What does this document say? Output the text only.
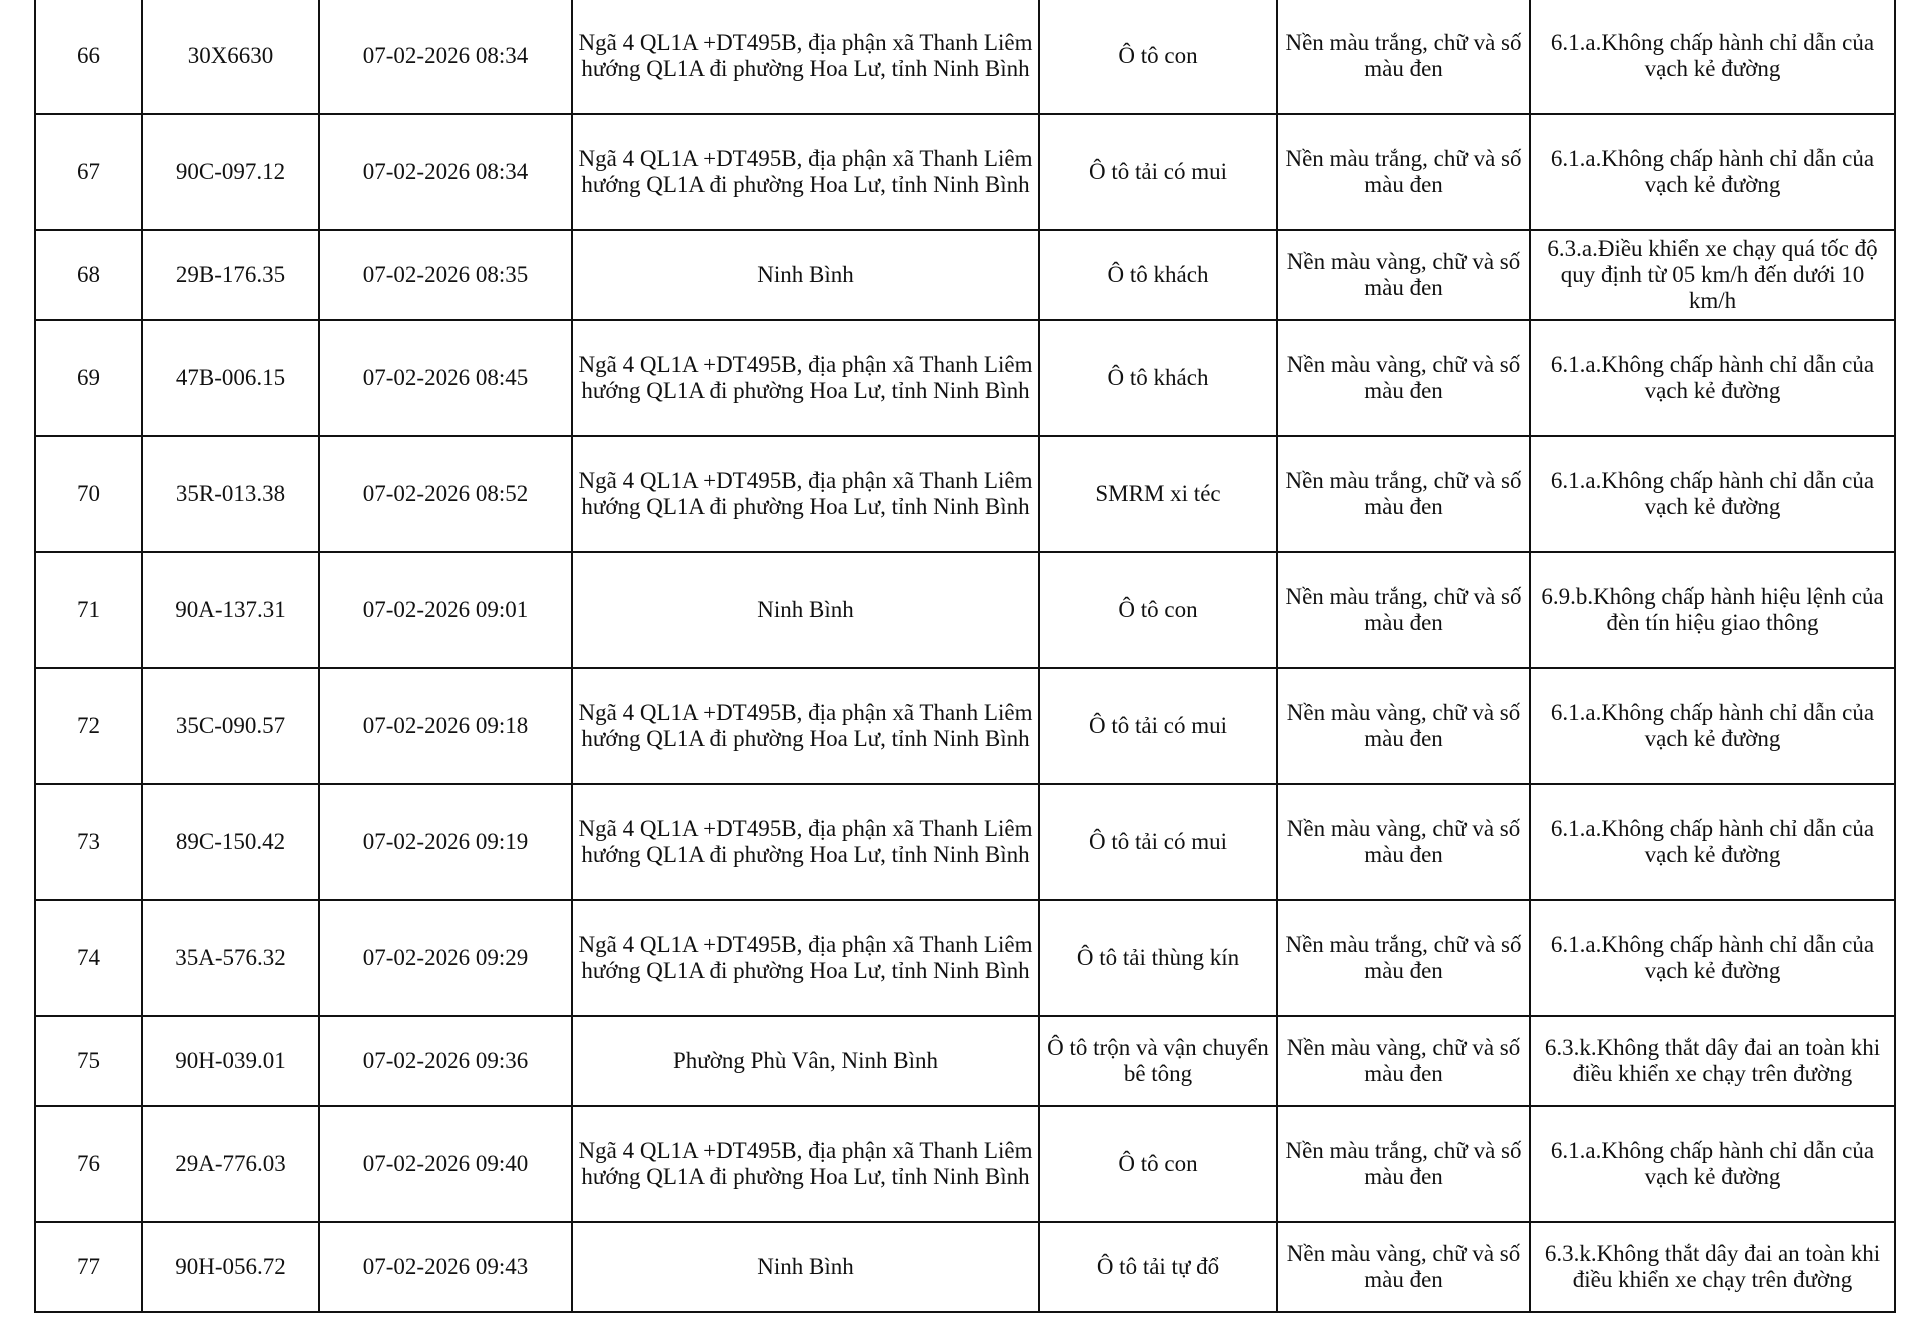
66	30X6630	07-02-2026 08:34	Ngã 4 QL1A +DT495B, địa phận xã Thanh Liêm hướng QL1A đi phường Hoa Lư, tỉnh Ninh Bình	Ô tô con	Nền màu trắng, chữ và số màu đen	6.1.a.Không chấp hành chỉ dẫn của vạch kẻ đường
67	90C-097.12	07-02-2026 08:34	Ngã 4 QL1A +DT495B, địa phận xã Thanh Liêm hướng QL1A đi phường Hoa Lư, tỉnh Ninh Bình	Ô tô tải có mui	Nền màu trắng, chữ và số màu đen	6.1.a.Không chấp hành chỉ dẫn của vạch kẻ đường
68	29B-176.35	07-02-2026 08:35	Ninh Bình	Ô tô khách	Nền màu vàng, chữ và số màu đen	6.3.a.Điều khiển xe chạy quá tốc độ quy định từ 05 km/h đến dưới 10 km/h
69	47B-006.15	07-02-2026 08:45	Ngã 4 QL1A +DT495B, địa phận xã Thanh Liêm hướng QL1A đi phường Hoa Lư, tỉnh Ninh Bình	Ô tô khách	Nền màu vàng, chữ và số màu đen	6.1.a.Không chấp hành chỉ dẫn của vạch kẻ đường
70	35R-013.38	07-02-2026 08:52	Ngã 4 QL1A +DT495B, địa phận xã Thanh Liêm hướng QL1A đi phường Hoa Lư, tỉnh Ninh Bình	SMRM xi téc	Nền màu trắng, chữ và số màu đen	6.1.a.Không chấp hành chỉ dẫn của vạch kẻ đường
71	90A-137.31	07-02-2026 09:01	Ninh Bình	Ô tô con	Nền màu trắng, chữ và số màu đen	6.9.b.Không chấp hành hiệu lệnh của đèn tín hiệu giao thông
72	35C-090.57	07-02-2026 09:18	Ngã 4 QL1A +DT495B, địa phận xã Thanh Liêm hướng QL1A đi phường Hoa Lư, tỉnh Ninh Bình	Ô tô tải có mui	Nền màu vàng, chữ và số màu đen	6.1.a.Không chấp hành chỉ dẫn của vạch kẻ đường
73	89C-150.42	07-02-2026 09:19	Ngã 4 QL1A +DT495B, địa phận xã Thanh Liêm hướng QL1A đi phường Hoa Lư, tỉnh Ninh Bình	Ô tô tải có mui	Nền màu vàng, chữ và số màu đen	6.1.a.Không chấp hành chỉ dẫn của vạch kẻ đường
74	35A-576.32	07-02-2026 09:29	Ngã 4 QL1A +DT495B, địa phận xã Thanh Liêm hướng QL1A đi phường Hoa Lư, tỉnh Ninh Bình	Ô tô tải thùng kín	Nền màu trắng, chữ và số màu đen	6.1.a.Không chấp hành chỉ dẫn của vạch kẻ đường
75	90H-039.01	07-02-2026 09:36	Phường Phù Vân, Ninh Bình	Ô tô trộn và vận chuyển bê tông	Nền màu vàng, chữ và số màu đen	6.3.k.Không thắt dây đai an toàn khi điều khiển xe chạy trên đường
76	29A-776.03	07-02-2026 09:40	Ngã 4 QL1A +DT495B, địa phận xã Thanh Liêm hướng QL1A đi phường Hoa Lư, tỉnh Ninh Bình	Ô tô con	Nền màu trắng, chữ và số màu đen	6.1.a.Không chấp hành chỉ dẫn của vạch kẻ đường
77	90H-056.72	07-02-2026 09:43	Ninh Bình	Ô tô tải tự đổ	Nền màu vàng, chữ và số màu đen	6.3.k.Không thắt dây đai an toàn khi điều khiển xe chạy trên đường
